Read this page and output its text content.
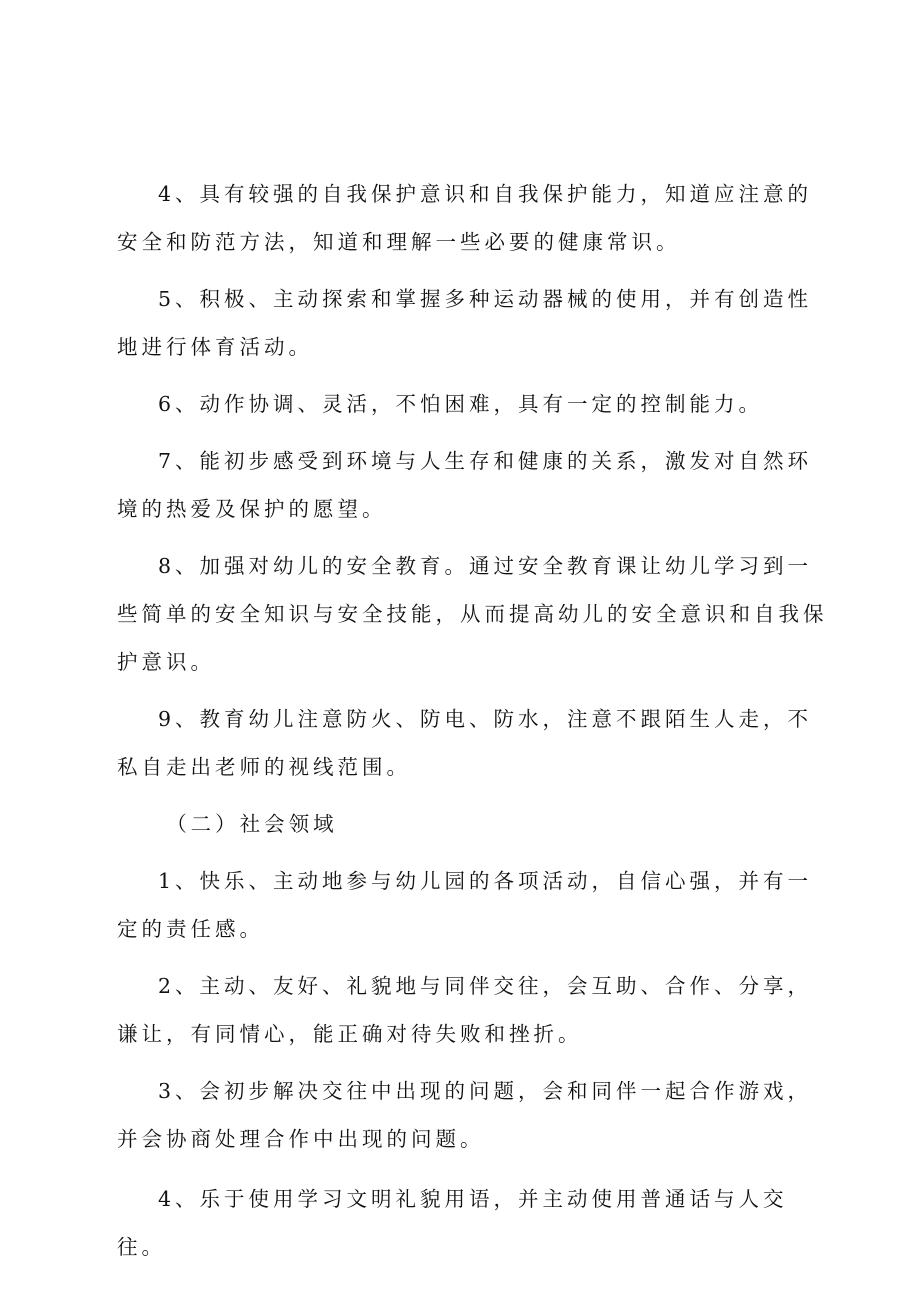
4、具有较强的自我保护意识和自我保护能力，知道应注意的安全和防范方法，知道和理解一些必要的健康常识。

5、积极、主动探索和掌握多种运动器械的使用，并有创造性地进行体育活动。

6、动作协调、灵活，不怕困难，具有一定的控制能力。

7、能初步感受到环境与人生存和健康的关系，激发对自然环境的热爱及保护的愿望。

8、加强对幼儿的安全教育。通过安全教育课让幼儿学习到一些简单的安全知识与安全技能，从而提高幼儿的安全意识和自我保护意识。

9、教育幼儿注意防火、防电、防水，注意不跟陌生人走，不私自走出老师的视线范围。

（二）社会领域

1、快乐、主动地参与幼儿园的各项活动，自信心强，并有一定的责任感。

2、主动、友好、礼貌地与同伴交往，会互助、合作、分享，谦让，有同情心，能正确对待失败和挫折。

3、会初步解决交往中出现的问题，会和同伴一起合作游戏，并会协商处理合作中出现的问题。

4、乐于使用学习文明礼貌用语，并主动使用普通话与人交往。
